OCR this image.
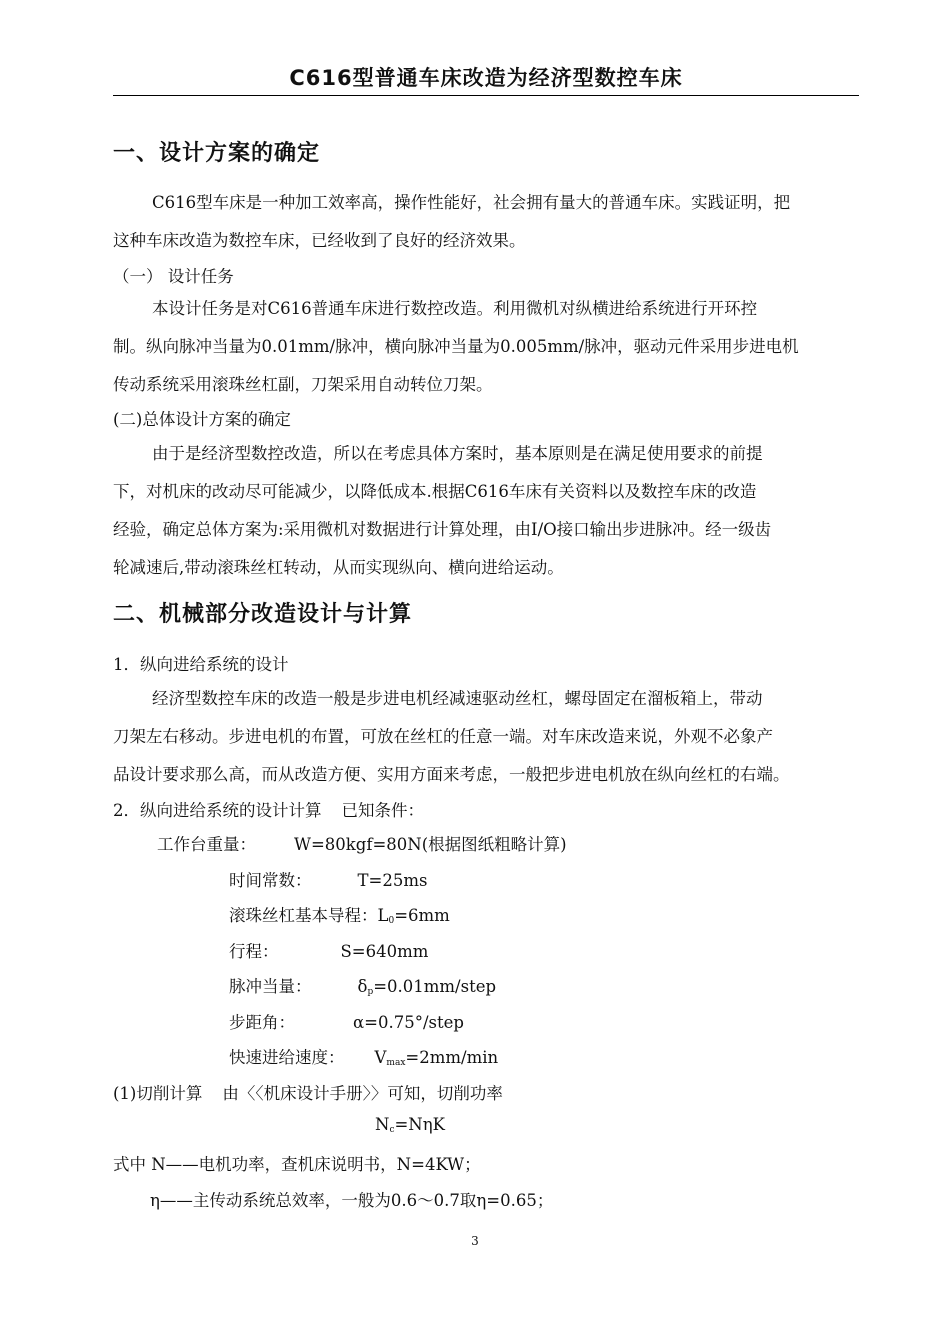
C616型普通车床改造为经济型数控车床
一、设计方案的确定
C616型车床是一种加工效率高，操作性能好，社会拥有量大的普通车床。实践证明，把
这种车床改造为数控车床，已经收到了良好的经济效果。
（一） 设计任务
本设计任务是对C616普通车床进行数控改造。利用微机对纵横进给系统进行开环控
制。纵向脉冲当量为0.01mm/脉冲，横向脉冲当量为0.005mm/脉冲，驱动元件采用步进电机
传动系统采用滚珠丝杠副，刀架采用自动转位刀架。
(二)总体设计方案的确定
由于是经济型数控改造，所以在考虑具体方案时，基本原则是在满足使用要求的前提
下，对机床的改动尽可能减少，以降低成本.根据C616车床有关资料以及数控车床的改造
经验，确定总体方案为:采用微机对数据进行计算处理，由I/O接口输出步进脉冲。经一级齿
轮减速后,带动滚珠丝杠转动，从而实现纵向、横向进给运动。
二、机械部分改造设计与计算
1．纵向进给系统的设计
经济型数控车床的改造一般是步进电机经减速驱动丝杠，螺母固定在溜板箱上，带动
刀架左右移动。步进电机的布置，可放在丝杠的任意一端。对车床改造来说，外观不必象产
品设计要求那么高，而从改造方便、实用方面来考虑，一般把步进电机放在纵向丝杠的右端。
2．纵向进给系统的设计计算 已知条件：
工作台重量： W=80kgf=80N(根据图纸粗略计算)
时间常数：	T=25ms
滚珠丝杠基本导程：$L_0=6mm$
行程：	S=640mm
脉冲当量：	$\delta_p=0.01mm$/step
步距角：	α=0.75°/step
快速进给速度： $V_{max}=2mm/\min$
(1)切削计算 由〈〈机床设计手册〉〉可知，切削功率
$N_c=N\eta K$
式中 N——电机功率，查机床说明书，N=4KW；
η——主传动系统总效率，一般为0.6～0.7取η=0.65；
3
